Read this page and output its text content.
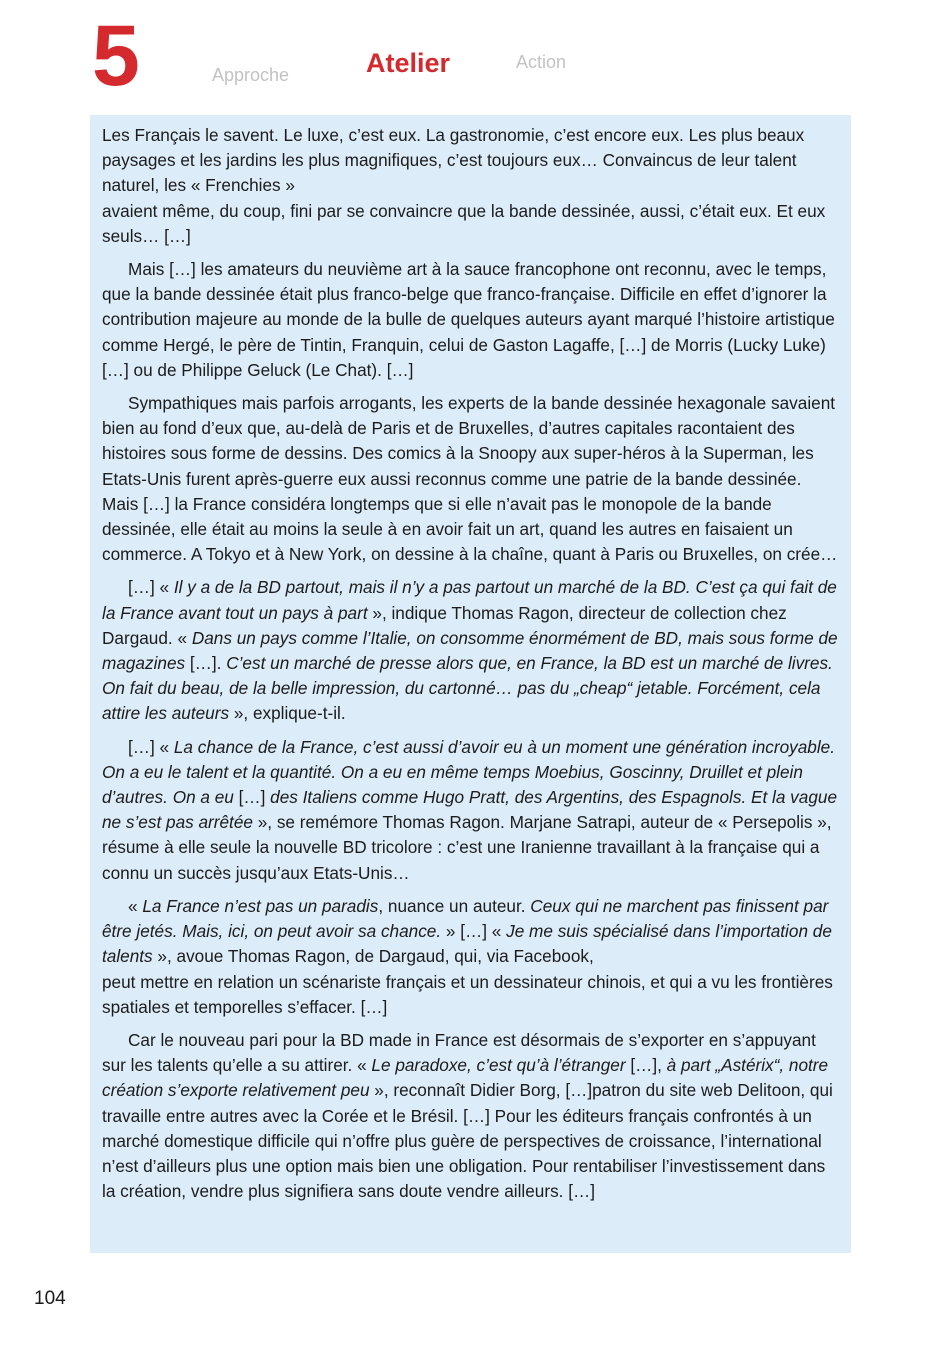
5	Approche	Atelier	Action

Les Français le savent. Le luxe, c’est eux. La gastronomie, c’est encore eux. Les plus beaux paysages et les jardins les plus magnifiques, c’est toujours eux… Convaincus de leur talent naturel, les « Frenchies »

avaient même, du coup, fini par se convaincre que la bande dessinée, aussi, c’était eux. Et eux seuls… […]

Mais […] les amateurs du neuvième art à la sauce francophone ont reconnu, avec le temps, que la bande dessinée était plus franco-belge que franco-française. Difficile en effet d’ignorer la contribution majeure au monde de la bulle de quelques auteurs ayant marqué l’histoire artistique comme Hergé, le père de Tintin, Franquin, celui de Gaston Lagaffe, […] de Morris (Lucky Luke) […] ou de Philippe Geluck (Le Chat). […]

Sympathiques mais parfois arrogants, les experts de la bande dessinée hexagonale savaient bien au fond d’eux que, au-delà de Paris et de Bruxelles, d’autres capitales racontaient des histoires sous forme de dessins. Des comics à la Snoopy aux super-héros à la Superman, les Etats-Unis furent après-guerre eux aussi reconnus comme une patrie de la bande dessinée. Mais […] la France considéra longtemps que si elle n’avait pas le monopole de la bande dessinée, elle était au moins la seule à en avoir fait un art, quand les autres en faisaient un commerce. A Tokyo et à New York, on dessine à la chaîne, quant à Paris ou Bruxelles, on crée…

[…] « Il y a de la BD partout, mais il n’y a pas partout un marché de la BD. C’est ça qui fait de la France avant tout un pays à part », indique Thomas Ragon, directeur de collection chez Dargaud. « Dans un pays comme l’Italie, on consomme énormément de BD, mais sous forme de magazines […]. C’est un marché de presse alors que, en France, la BD est un marché de livres. On fait du beau, de la belle impression, du cartonné… pas du „cheap“ jetable. Forcément, cela attire les auteurs », explique-t-il.

[…] « La chance de la France, c’est aussi d’avoir eu à un moment une génération incroyable. On a eu le talent et la quantité. On a eu en même temps Moebius, Goscinny, Druillet et plein d’autres. On a eu […] des Italiens comme Hugo Pratt, des Argentins, des Espagnols. Et la vague ne s’est pas arrêtée », se remémore Thomas Ragon. Marjane Satrapi, auteur de « Persepolis », résume à elle seule la nouvelle BD tricolore : c’est une Iranienne travaillant à la française qui a connu un succès jusqu’aux Etats-Unis…

« La France n’est pas un paradis, nuance un auteur. Ceux qui ne marchent pas finissent par être jetés. Mais, ici, on peut avoir sa chance. » […] « Je me suis spécialisé dans l’importation de talents », avoue Thomas Ragon, de Dargaud, qui, via Facebook,

peut mettre en relation un scénariste français et un dessinateur chinois, et qui a vu les frontières spatiales et temporelles s’effacer. […]

Car le nouveau pari pour la BD made in France est désormais de s’exporter en s’appuyant sur les talents qu’elle a su attirer. « Le paradoxe, c’est qu’à l’étranger […], à part „Astérix“, notre création s’exporte relativement peu », reconnaît Didier Borg, […]patron du site web Delitoon, qui travaille entre autres avec la Corée et le Brésil. […] Pour les éditeurs français confrontés à un marché domestique difficile qui n’offre plus guère de perspectives de croissance, l’international n’est d’ailleurs plus une option mais bien une obligation. Pour rentabiliser l’investissement dans la création, vendre plus signifiera sans doute vendre ailleurs. […]

104
